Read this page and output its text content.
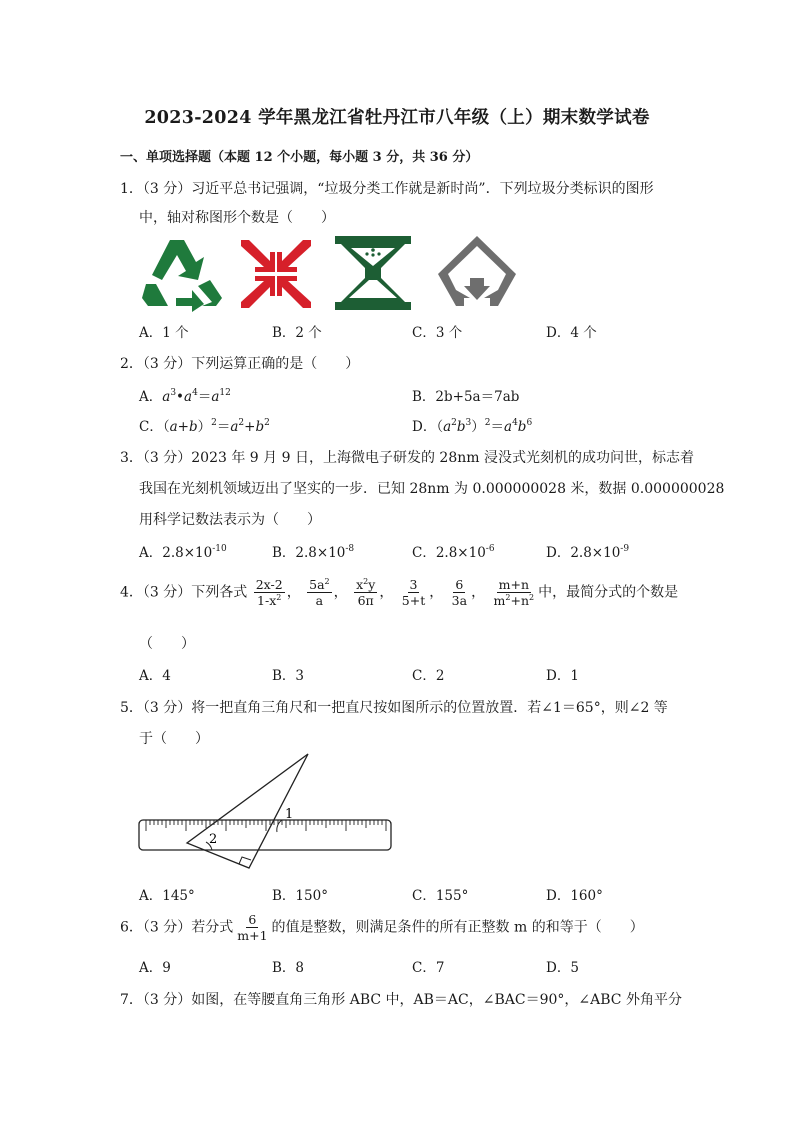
2023-2024 学年黑龙江省牡丹江市八年级（上）期末数学试卷
一、单项选择题（本题 12 个小题，每小题 3 分，共 36 分）
1．（3 分）习近平总书记强调，“垃圾分类工作就是新时尚”．下列垃圾分类标识的图形
中，轴对称图形个数是（　　）
A．1 个	B．2 个	C．3 个	D．4 个
2．（3 分）下列运算正确的是（　　）
A．$a^3•a^4=a^{12}$	B．2b+5a＝7ab
C．$(a+b)^2=a^2+b^2$	D．$(a^2b^3)^2=a^4b^6$
3．（3 分）2023 年 9 月 9 日，上海微电子研发的 28nm 浸没式光刻机的成功问世，标志着
我国在光刻机领域迈出了坚实的一步．已知 28nm 为 0.000000028 米，数据 0.000000028
用科学记数法表示为（　　）
A．$2.8\times 10^{-10}$	B．$2.8\times 10^{-8}$	C．$2.8\times 10^{-6}$	D．$2.8\times 10^{-9}$
4．（3 分）下列各式 $\frac{2x-2}{1-x^2}$ ， $\frac{5a^2}{a}$ ， $\frac{x^2y}{6\pi}$ ， $\frac{3}{5+t}$ ， $\frac{6}{3a}$ ， $\frac{m+n}{m^2+n^2}$ 中，最简分式的个数是
（　　）
A．4	B．3	C．2	D．1
5．（3 分）将一把直角三角尺和一把直尺按如图所示的位置放置．若∠1＝65°，则∠2 等
于（　　）
1
2
A．145°	B．150°	C．155°	D．160°
6．（3 分）若分式 $\frac{6}{m+1}$ 的值是整数，则满足条件的所有正整数 m 的和等于（　　）
A．9	B．8	C．7	D．5
7．（3 分）如图，在等腰直角三角形 ABC 中，AB＝AC，∠BAC＝90°，∠ABC 外角平分
